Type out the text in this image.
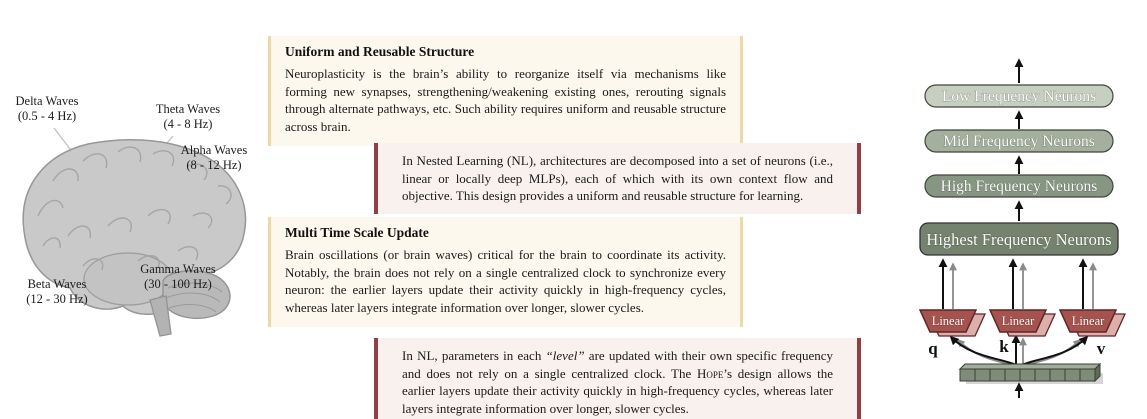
Delta Waves
(0.5 - 4 Hz)	Theta Waves
(4 - 8 Hz)
Alpha Waves
(8 - 12 Hz)
Beta Waves
(12 - 30 Hz)
Gamma Waves
(30 - 100 Hz)
Uniform and Reusable Structure

Neuroplasticity is the brain’s ability to reorganize itself via mechanisms like forming new synapses, strengthening/weakening existing ones, rerouting signals through alternate pathways, etc. Such ability requires uniform and reusable structure across brain.

In Nested Learning (NL), architectures are decomposed into a set of neurons (i.e., linear or locally deep MLPs), each of which with its own context flow and objective. This design provides a uniform and reusable structure for learning.

Multi Time Scale Update

Brain oscillations (or brain waves) critical for the brain to coordinate its activity. Notably, the brain does not rely on a single centralized clock to synchronize every neuron: the earlier layers update their activity quickly in high-frequency cycles, whereas later layers integrate information over longer, slower cycles.

In NL, parameters in each “level” are updated with their own specific frequency and does not rely on a single centralized clock. The Hope’s design allows the earlier layers update their activity quickly in high-frequency cycles, whereas later layers integrate information over longer, slower cycles.

Low Frequency Neurons
Mid Frequency Neurons
High Frequency Neurons
Highest Frequency Neurons
Linear	Linear	Linear
q	k	v
